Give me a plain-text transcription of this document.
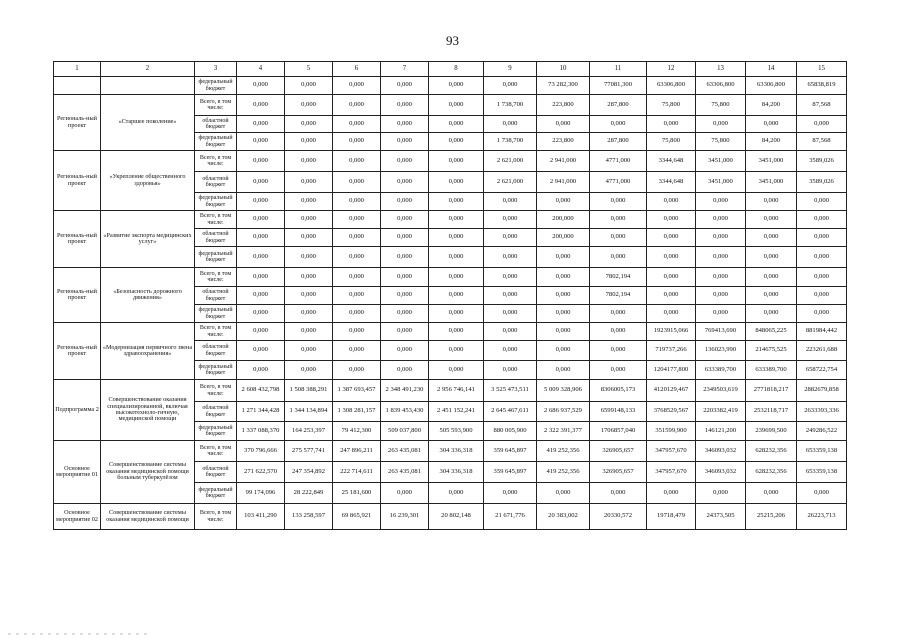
93
1	2	3	4	5	6	7	8	9	10	11	12	13	14	15
		федеральный бюджет	0,000	0,000	0,000	0,000	0,000	0,000	73 282,300	77081,300	63306,800	63306,800	63306,800	65838,819
Региональ-ный проект	«Старшее поколение»	Всего, в том числе:	0,000	0,000	0,000	0,000	0,000	1 738,700	223,800	287,800	75,800	75,800	84,200	87,568
		областной бюджет	0,000	0,000	0,000	0,000	0,000	0,000	0,000	0,000	0,000	0,000	0,000	0,000
		федеральный бюджет	0,000	0,000	0,000	0,000	0,000	1 738,700	223,800	287,800	75,800	75,800	84,200	87,568
Региональ-ный проект	«Укрепление общественного здоровья»	Всего, в том числе:	0,000	0,000	0,000	0,000	0,000	2 621,000	2 941,000	4771,000	3344,648	3451,000	3451,000	3589,026
		областной бюджет	0,000	0,000	0,000	0,000	0,000	2 621,000	2 941,000	4771,000	3344,648	3451,000	3451,000	3589,026
		федеральный бюджет	0,000	0,000	0,000	0,000	0,000	0,000	0,000	0,000	0,000	0,000	0,000	0,000
Региональ-ный проект	«Развитие экспорта медицинских услуг»	Всего, в том числе:	0,000	0,000	0,000	0,000	0,000	0,000	200,000	0,000	0,000	0,000	0,000	0,000
		областной бюджет	0,000	0,000	0,000	0,000	0,000	0,000	200,000	0,000	0,000	0,000	0,000	0,000
		федеральный бюджет	0,000	0,000	0,000	0,000	0,000	0,000	0,000	0,000	0,000	0,000	0,000	0,000
Региональ-ный проект	«Безопасность дорожного движения»	Всего, в том числе:	0,000	0,000	0,000	0,000	0,000	0,000	0,000	7802,194	0,000	0,000	0,000	0,000
		областной бюджет	0,000	0,000	0,000	0,000	0,000	0,000	0,000	7802,194	0,000	0,000	0,000	0,000
		федеральный бюджет	0,000	0,000	0,000	0,000	0,000	0,000	0,000	0,000	0,000	0,000	0,000	0,000
Региональ-ный проект	«Модернизация первичного звена здравоохранения»	Всего, в том числе:	0,000	0,000	0,000	0,000	0,000	0,000	0,000	0,000	1923915,066	769413,690	848065,225	881984,442
		областной бюджет	0,000	0,000	0,000	0,000	0,000	0,000	0,000	0,000	719737,266	136023,990	214675,525	223261,688
		федеральный бюджет	0,000	0,000	0,000	0,000	0,000	0,000	0,000	0,000	1204177,800	633389,700	633389,700	658722,754
Подпрограмма 2	Совершенствование оказания специализированной, включая высокотехноло-гичную, медицинской помощи	Всего, в том числе:	2 608 432,798	1 508 388,291	1 387 693,457	2 348 491,230	2 956 746,141	3 525 473,511	5 009 328,906	8306005,173	4120129,467	2349503,619	2771818,217	2882679,858
		областной бюджет	1 271 344,428	1 344 134,894	1 308 281,157	1 839 453,430	2 451 152,241	2 645 467,611	2 686 937,529	6599148,133	3768529,567	2203382,419	2532118,717	2633393,336
		федеральный бюджет	1 337 088,370	164 253,397	79 412,300	509 037,800	505 593,900	880 005,900	2 322 391,377	1706857,040	351599,900	146121,200	239699,500	249286,522
Основное мероприятие 01	Совершенствование системы оказания медицинской помощи больным туберкулёзом	Всего, в том числе:	370 796,666	275 577,741	247 896,211	263 435,081	304 336,318	359 645,897	419 252,356	326905,657	347957,670	346093,032	628232,356	653359,138
		областной бюджет	271 622,570	247 354,892	222 714,611	263 435,081	304 336,318	359 645,897	419 252,356	326905,657	347957,670	346093,032	628232,356	653359,138
		федеральный бюджет	99 174,096	28 222,849	25 181,600	0,000	0,000	0,000	0,000	0,000	0,000	0,000	0,000	0,000
Основное мероприятие 02	Совершенствование системы оказания медицинской помощи	Всего, в том числе:	103 411,290	133 258,597	69 865,921	16 239,301	20 802,148	21 671,776	20 383,002	20330,572	19718,479	24373,505	25215,206	26223,713
